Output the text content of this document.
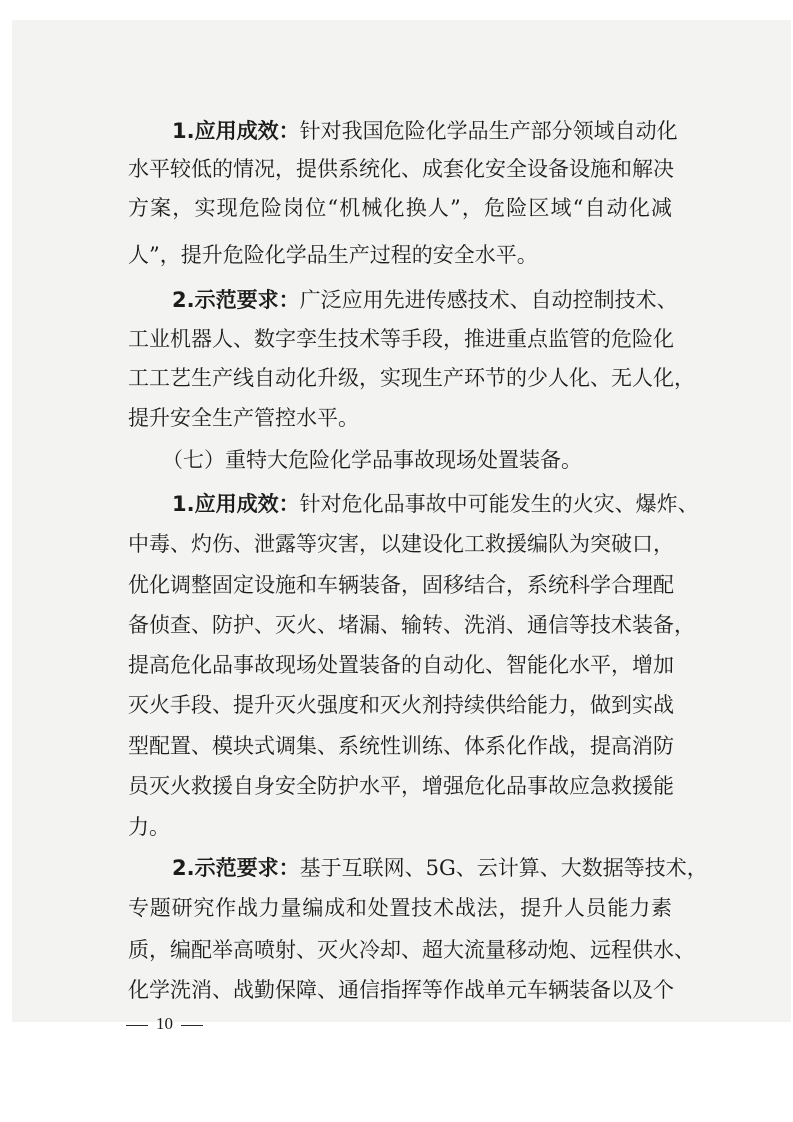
1.应用成效：针对我国危险化学品生产部分领域自动化
水平较低的情况，提供系统化、成套化安全设备设施和解决
方案，实现危险岗位“机械化换人”，危险区域“自动化减
人”，提升危险化学品生产过程的安全水平。
2.示范要求：广泛应用先进传感技术、自动控制技术、
工业机器人、数字孪生技术等手段，推进重点监管的危险化
工工艺生产线自动化升级，实现生产环节的少人化、无人化，
提升安全生产管控水平。
（七）重特大危险化学品事故现场处置装备。
1.应用成效：针对危化品事故中可能发生的火灾、爆炸、
中毒、灼伤、泄露等灾害，以建设化工救援编队为突破口，
优化调整固定设施和车辆装备，固移结合，系统科学合理配
备侦查、防护、灭火、堵漏、输转、洗消、通信等技术装备，
提高危化品事故现场处置装备的自动化、智能化水平，增加
灭火手段、提升灭火强度和灭火剂持续供给能力，做到实战
型配置、模块式调集、系统性训练、体系化作战，提高消防
员灭火救援自身安全防护水平，增强危化品事故应急救援能
力。
2.示范要求：基于互联网、5G、云计算、大数据等技术，
专题研究作战力量编成和处置技术战法，提升人员能力素
质，编配举高喷射、灭火冷却、超大流量移动炮、远程供水、
化学洗消、战勤保障、通信指挥等作战单元车辆装备以及个
10
